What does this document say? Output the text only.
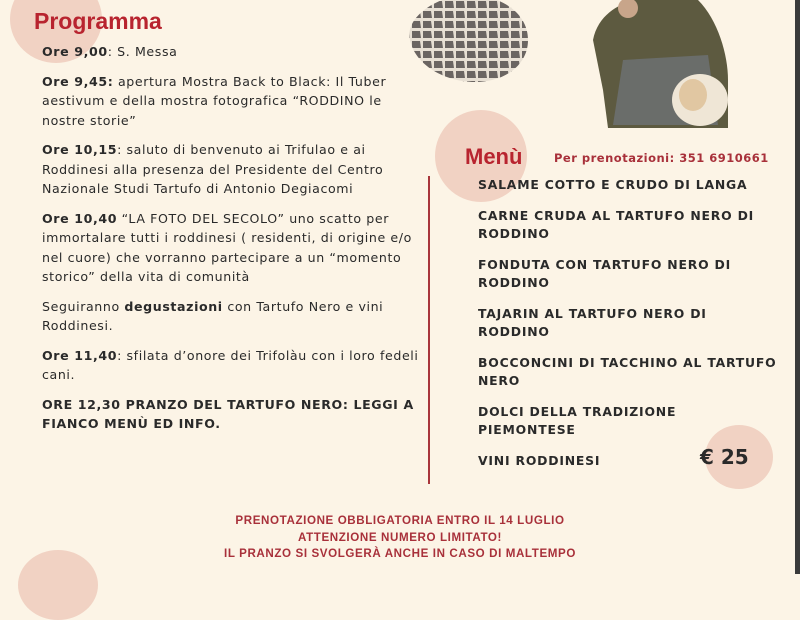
Programma

Ore 9,00: S. Messa

Ore 9,45: apertura Mostra Back to Black: Il Tuber aestivum e della mostra fotografica “RODDINO le nostre storie”

Ore 10,15: saluto di benvenuto ai Trifulao e ai Roddinesi alla presenza del Presidente del Centro Nazionale Studi Tartufo di Antonio Degiacomi

Ore 10,40 “LA FOTO DEL SECOLO” uno scatto per immortalare tutti i roddinesi ( residenti, di origine e/o nel cuore) che vorranno partecipare a un “momento storico” della vita di comunità

Seguiranno degustazioni con Tartufo Nero e vini Roddinesi.

Ore 11,40: sfilata d’onore dei Trifolàu con i loro fedeli cani.

ORE 12,30 PRANZO DEL TARTUFO NERO: LEGGI A FIANCO MENÙ ED INFO.

Menù	Per prenotazioni: 351 6910661
SALAME COTTO E CRUDO DI LANGA
CARNE CRUDA AL TARTUFO NERO DI RODDINO
FONDUTA CON TARTUFO NERO DI RODDINO
TAJARIN AL TARTUFO NERO DI RODDINO
BOCCONCINI DI TACCHINO AL TARTUFO NERO
DOLCI DELLA TRADIZIONE PIEMONTESE
VINI RODDINESI	€ 25
PRENOTAZIONE OBBLIGATORIA ENTRO IL 14 LUGLIO
ATTENZIONE NUMERO LIMITATO!
IL PRANZO SI SVOLGERÀ ANCHE IN CASO DI MALTEMPO
